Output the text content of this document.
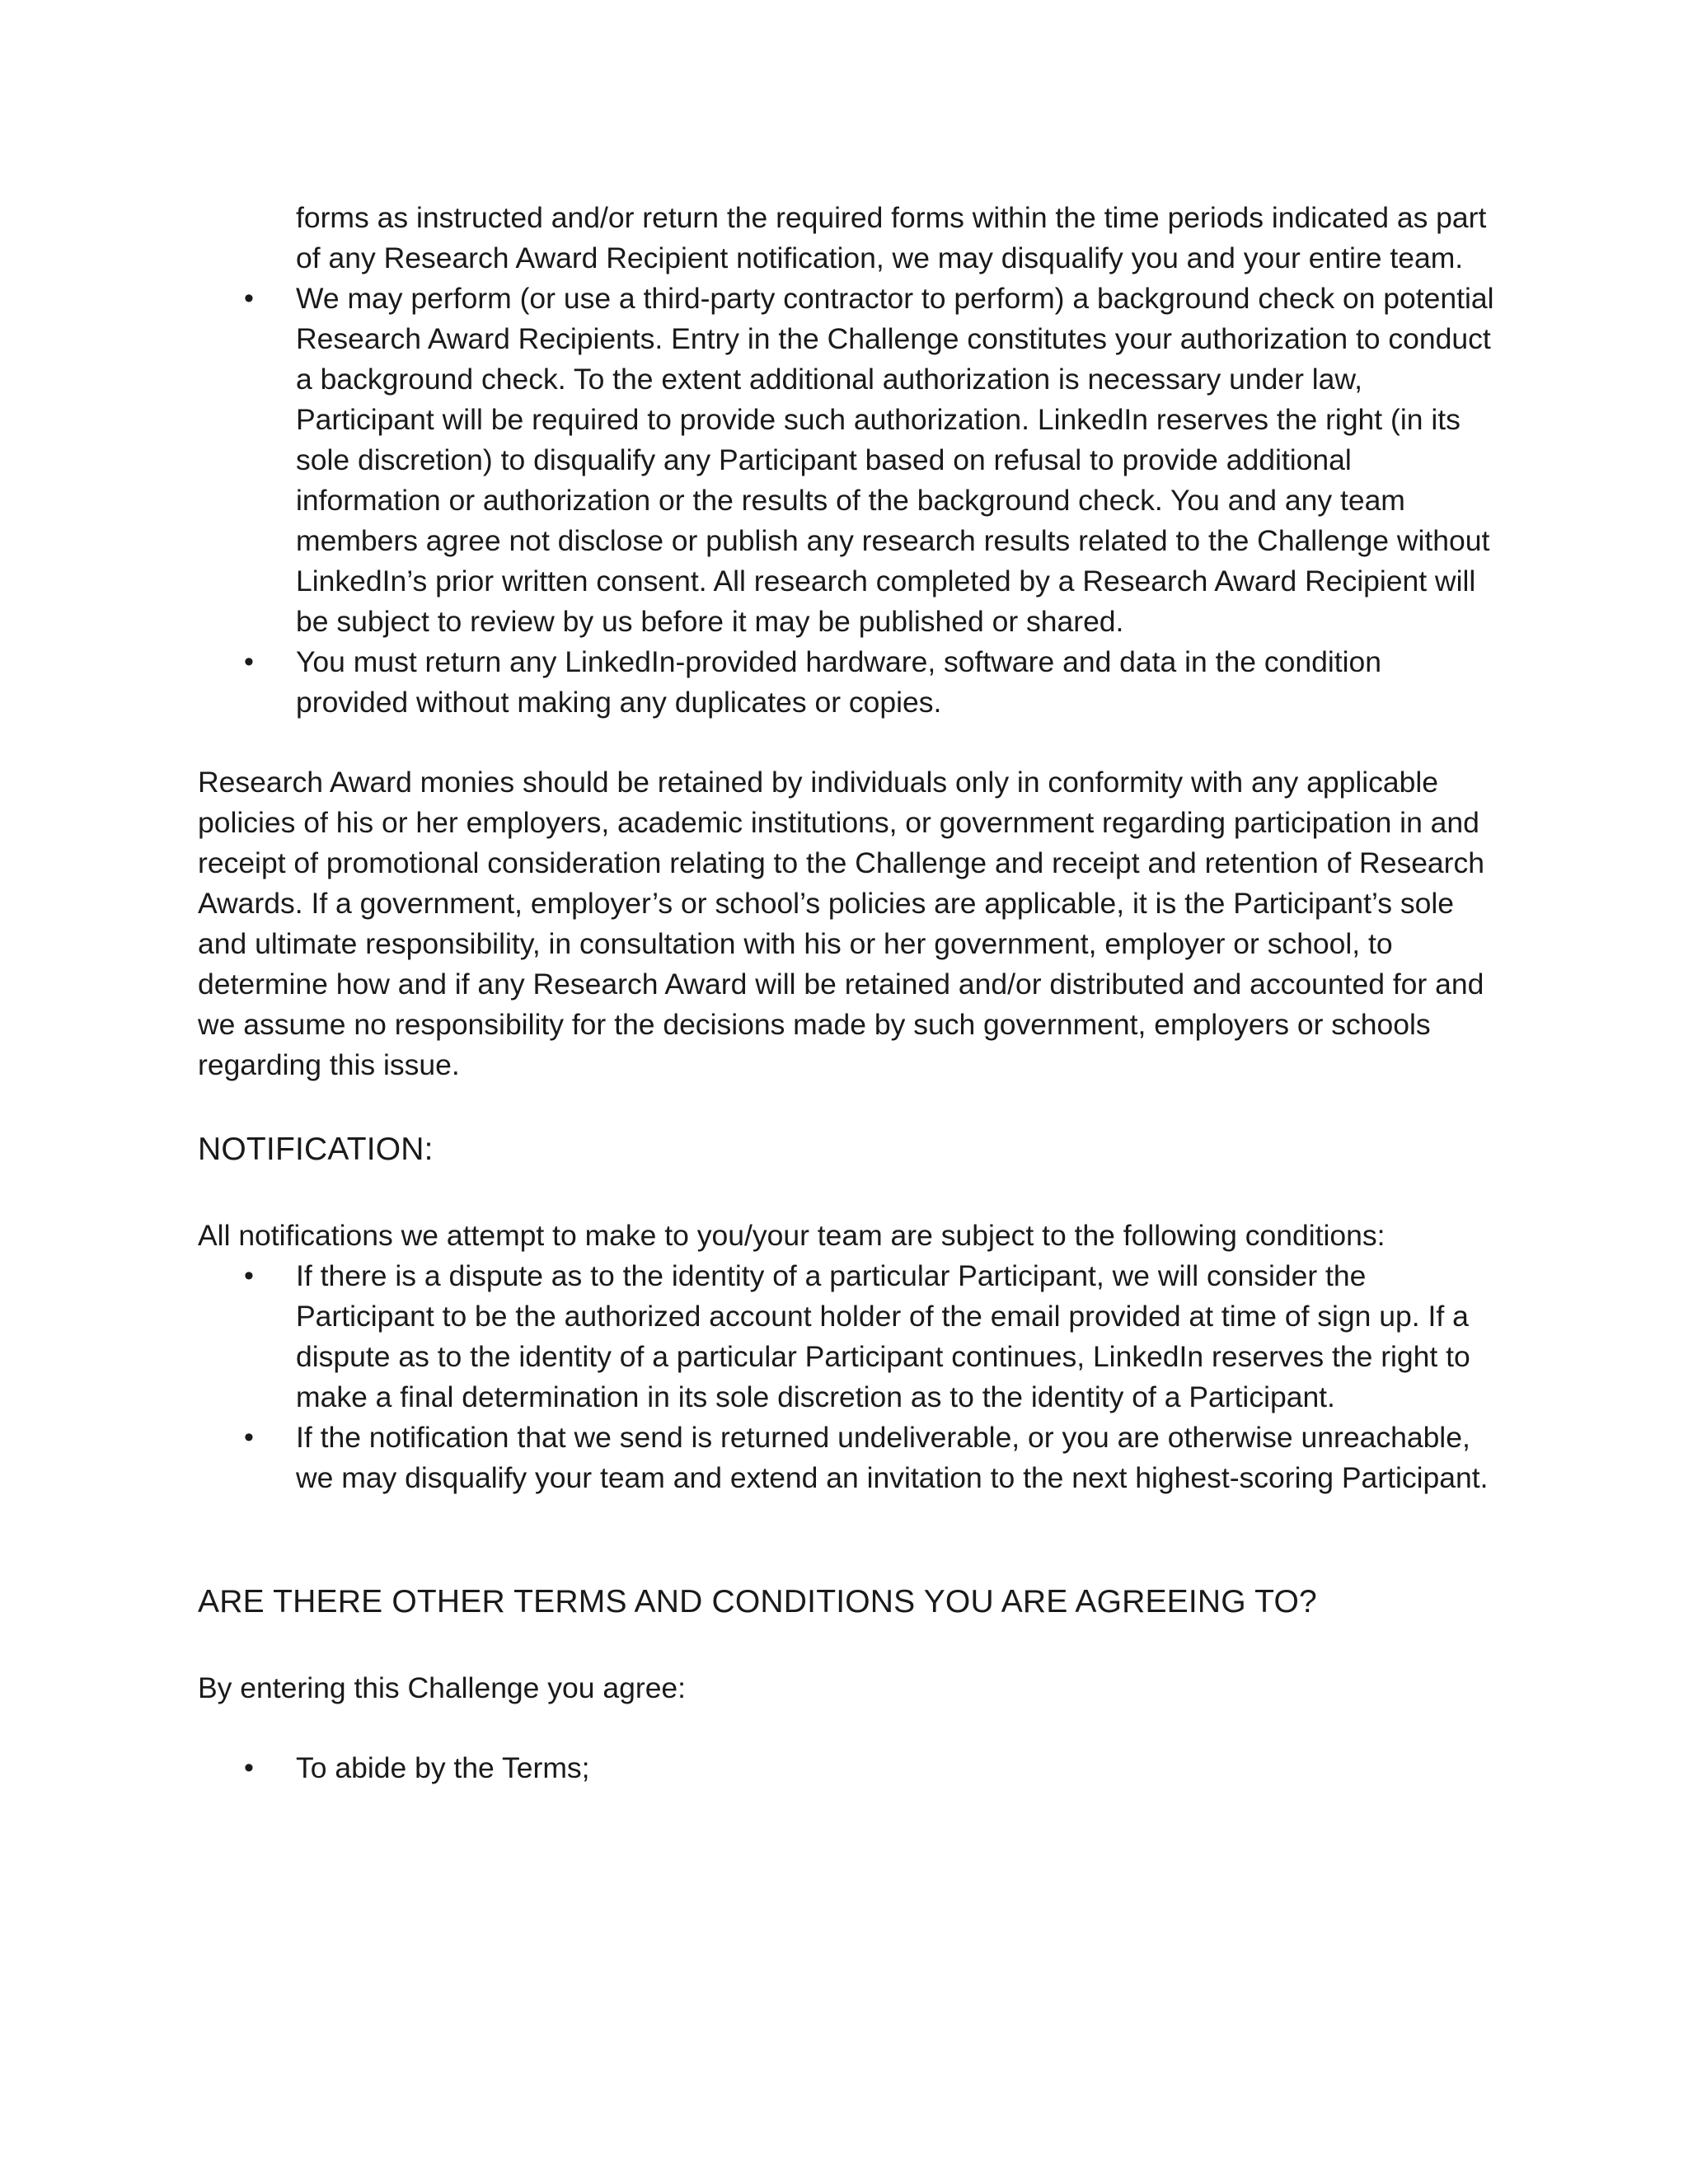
forms as instructed and/or return the required forms within the time periods indicated as part of any Research Award Recipient notification, we may disqualify you and your entire team.

• We may perform (or use a third-party contractor to perform) a background check on potential Research Award Recipients. Entry in the Challenge constitutes your authorization to conduct a background check. To the extent additional authorization is necessary under law, Participant will be required to provide such authorization. LinkedIn reserves the right (in its sole discretion) to disqualify any Participant based on refusal to provide additional information or authorization or the results of the background check. You and any team members agree not disclose or publish any research results related to the Challenge without LinkedIn’s prior written consent. All research completed by a Research Award Recipient will be subject to review by us before it may be published or shared.
• You must return any LinkedIn-provided hardware, software and data in the condition provided without making any duplicates or copies.

Research Award monies should be retained by individuals only in conformity with any applicable policies of his or her employers, academic institutions, or government regarding participation in and receipt of promotional consideration relating to the Challenge and receipt and retention of Research Awards. If a government, employer’s or school’s policies are applicable, it is the Participant’s sole and ultimate responsibility, in consultation with his or her government, employer or school, to determine how and if any Research Award will be retained and/or distributed and accounted for and we assume no responsibility for the decisions made by such government, employers or schools regarding this issue.

NOTIFICATION:

All notifications we attempt to make to you/your team are subject to the following conditions:

• If there is a dispute as to the identity of a particular Participant, we will consider the Participant to be the authorized account holder of the email provided at time of sign up. If a dispute as to the identity of a particular Participant continues, LinkedIn reserves the right to make a final determination in its sole discretion as to the identity of a Participant.
• If the notification that we send is returned undeliverable, or you are otherwise unreachable, we may disqualify your team and extend an invitation to the next highest-scoring Participant.

ARE THERE OTHER TERMS AND CONDITIONS YOU ARE AGREEING TO?

By entering this Challenge you agree:

• To abide by the Terms;
